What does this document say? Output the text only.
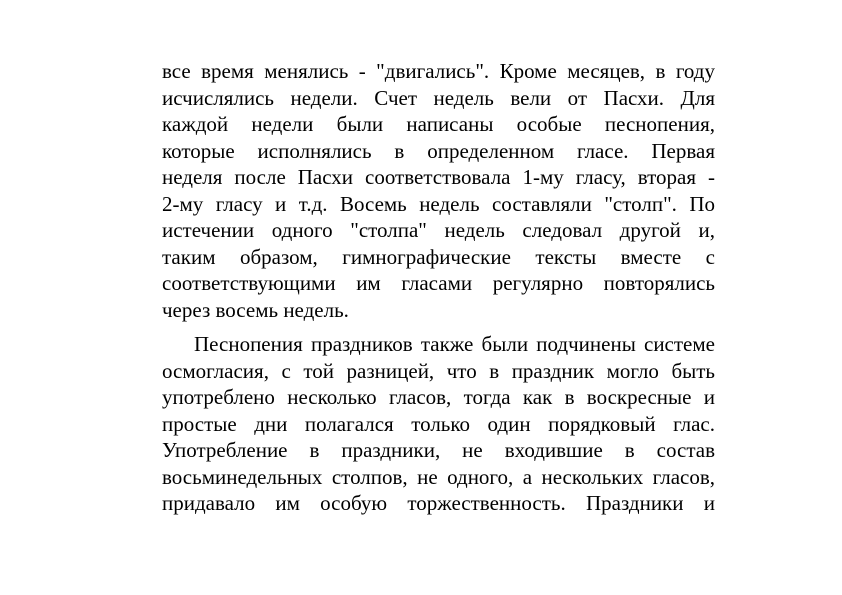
все время менялись - "двигались". Кроме месяцев, в году
исчислялись недели. Счет недель вели от Пасхи. Для
каждой недели были написаны особые песнопения,
которые исполнялись в определенном гласе. Первая
неделя после Пасхи соответствовала 1-му гласу, вторая -
2-му гласу и т.д. Восемь недель составляли "столп". По
истечении одного "столпа" недель следовал другой и,
таким образом, гимнографические тексты вместе с
соответствующими им гласами регулярно повторялись
через восемь недель.
Песнопения праздников также были подчинены системе
осмогласия, с той разницей, что в праздник могло быть
употреблено несколько гласов, тогда как в воскресные и
простые дни полагался только один порядковый глас.
Употребление в праздники, не входившие в состав
восьминедельных столпов, не одного, а нескольких гласов,
придавало им особую торжественность. Праздники и
